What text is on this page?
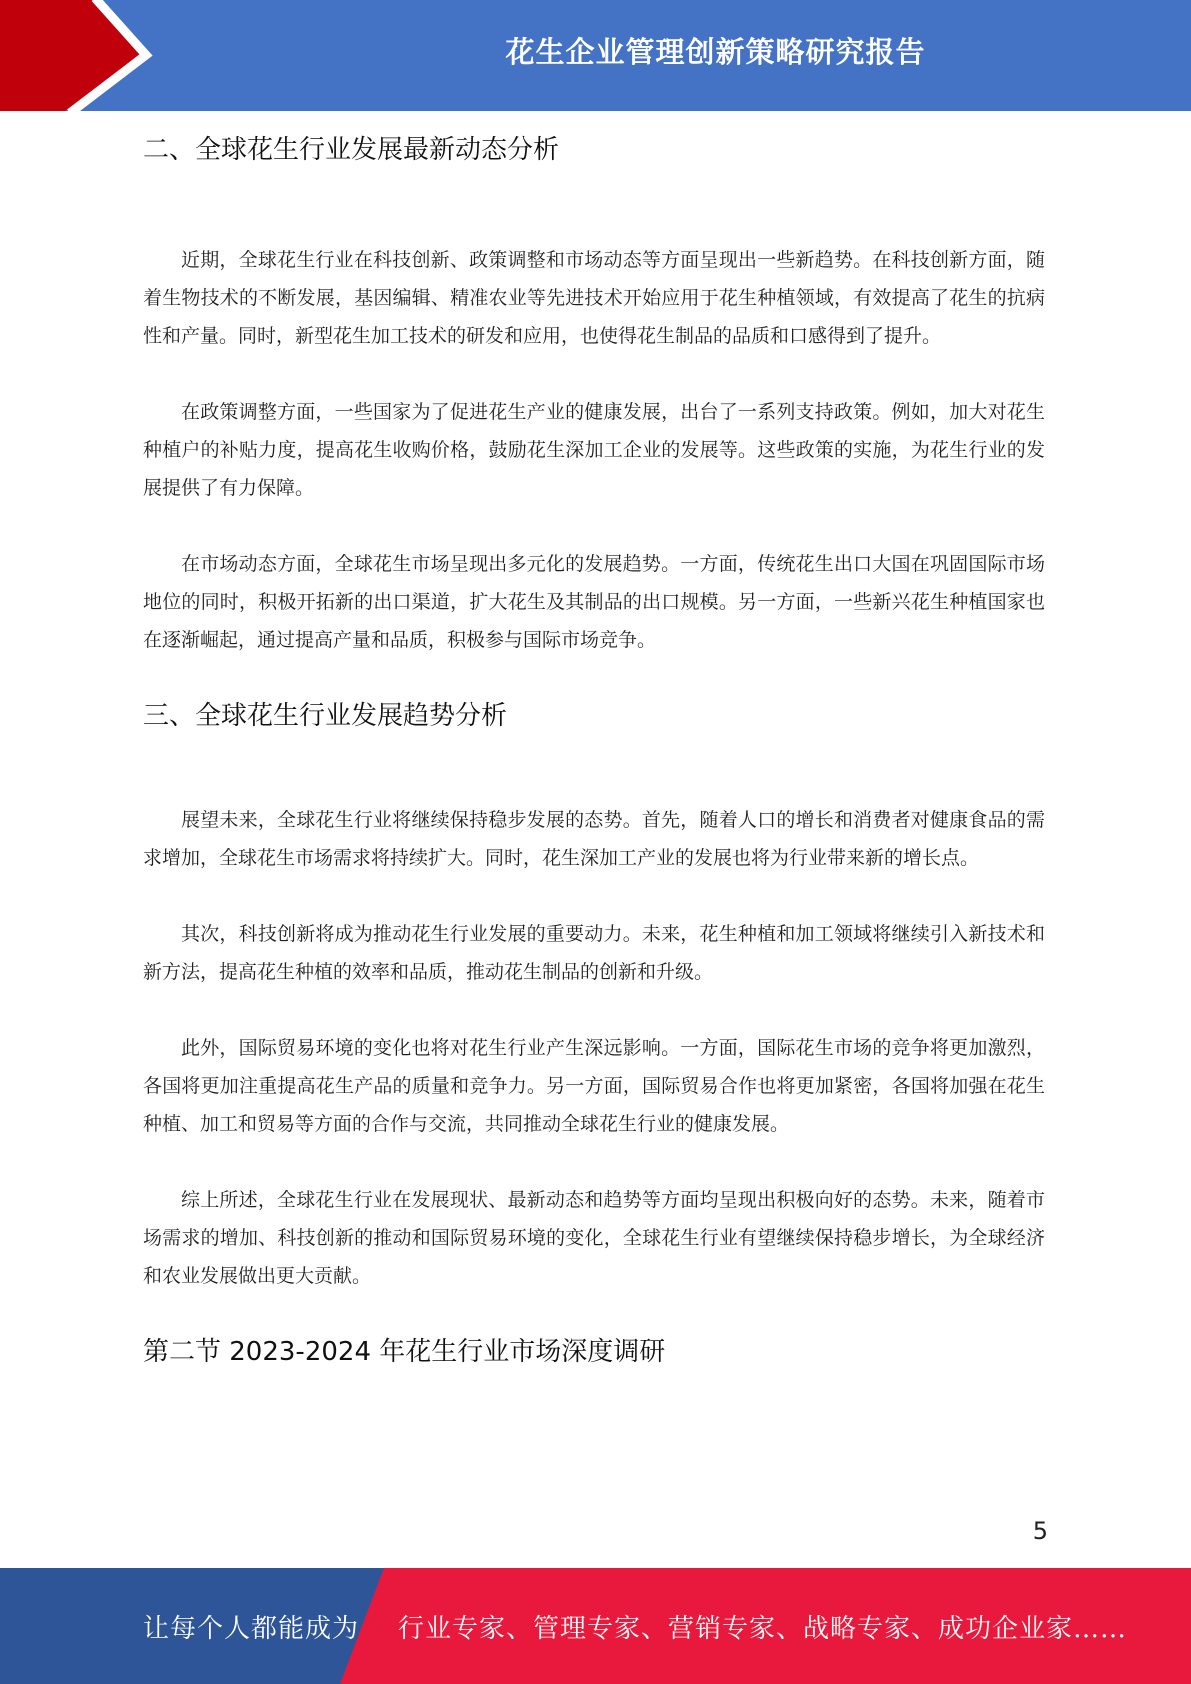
花生企业管理创新策略研究报告
二、全球花生行业发展最新动态分析

近期，全球花生行业在科技创新、政策调整和市场动态等方面呈现出一些新趋势。在科技创新方面，随着生物技术的不断发展，基因编辑、精准农业等先进技术开始应用于花生种植领域，有效提高了花生的抗病性和产量。同时，新型花生加工技术的研发和应用，也使得花生制品的品质和口感得到了提升。

在政策调整方面，一些国家为了促进花生产业的健康发展，出台了一系列支持政策。例如，加大对花生种植户的补贴力度，提高花生收购价格，鼓励花生深加工企业的发展等。这些政策的实施，为花生行业的发展提供了有力保障。

在市场动态方面，全球花生市场呈现出多元化的发展趋势。一方面，传统花生出口大国在巩固国际市场地位的同时，积极开拓新的出口渠道，扩大花生及其制品的出口规模。另一方面，一些新兴花生种植国家也在逐渐崛起，通过提高产量和品质，积极参与国际市场竞争。

三、全球花生行业发展趋势分析

展望未来，全球花生行业将继续保持稳步发展的态势。首先，随着人口的增长和消费者对健康食品的需求增加，全球花生市场需求将持续扩大。同时，花生深加工产业的发展也将为行业带来新的增长点。

其次，科技创新将成为推动花生行业发展的重要动力。未来，花生种植和加工领域将继续引入新技术和新方法，提高花生种植的效率和品质，推动花生制品的创新和升级。

此外，国际贸易环境的变化也将对花生行业产生深远影响。一方面，国际花生市场的竞争将更加激烈，各国将更加注重提高花生产品的质量和竞争力。另一方面，国际贸易合作也将更加紧密，各国将加强在花生种植、加工和贸易等方面的合作与交流，共同推动全球花生行业的健康发展。

综上所述，全球花生行业在发展现状、最新动态和趋势等方面均呈现出积极向好的态势。未来，随着市场需求的增加、科技创新的推动和国际贸易环境的变化，全球花生行业有望继续保持稳步增长，为全球经济和农业发展做出更大贡献。

第二节 2023-2024 年花生行业市场深度调研
5
让每个人都能成为 行业专家、管理专家、营销专家、战略专家、成功企业家……
